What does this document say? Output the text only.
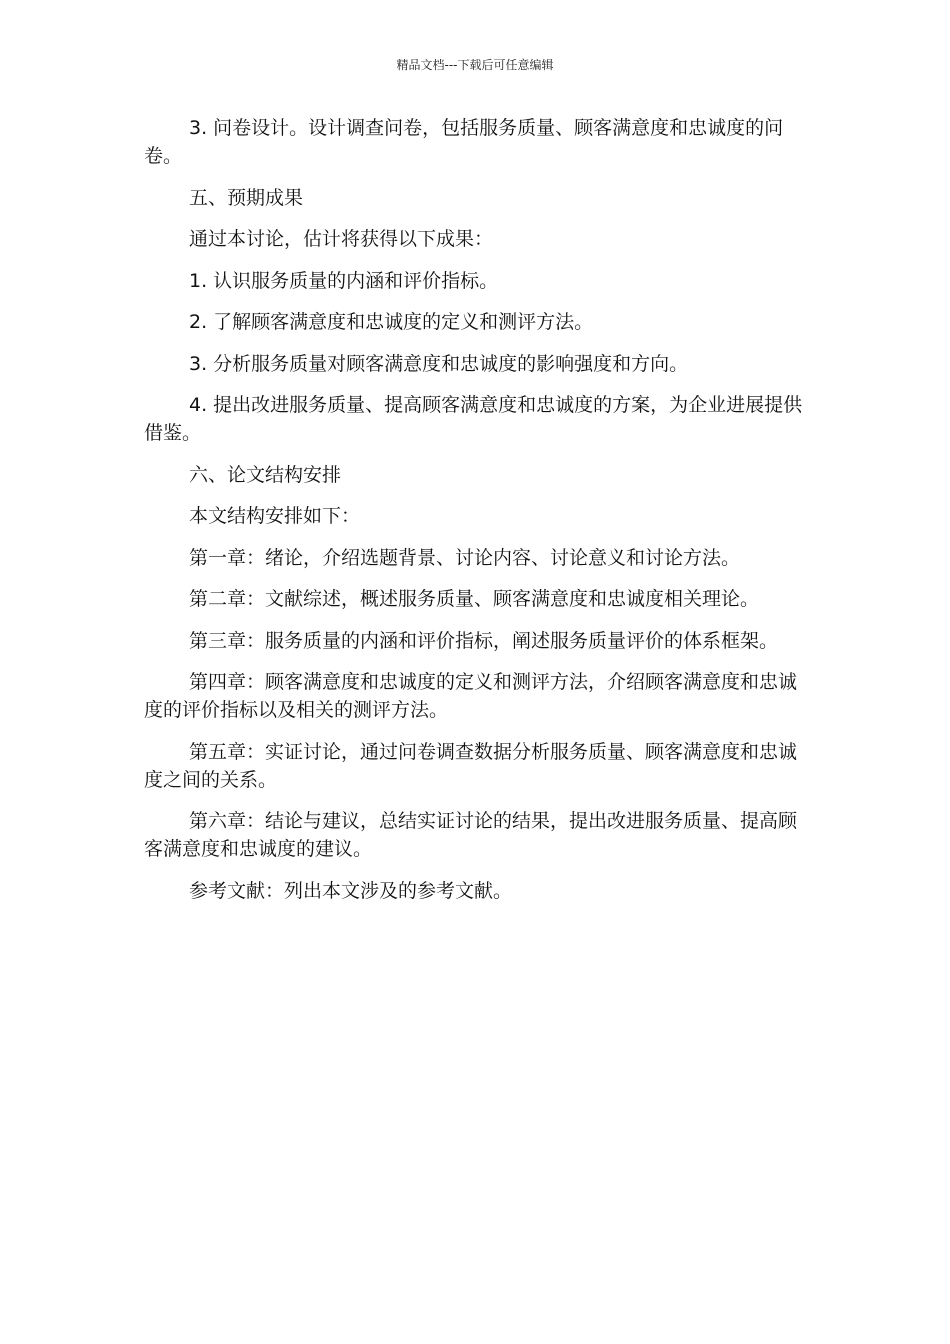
精品文档---下载后可任意编辑

3. 问卷设计。设计调查问卷，包括服务质量、顾客满意度和忠诚度的问卷。

五、预期成果

通过本讨论，估计将获得以下成果：

1. 认识服务质量的内涵和评价指标。

2. 了解顾客满意度和忠诚度的定义和测评方法。

3. 分析服务质量对顾客满意度和忠诚度的影响强度和方向。

4. 提出改进服务质量、提高顾客满意度和忠诚度的方案，为企业进展提供借鉴。

六、论文结构安排

本文结构安排如下：

第一章：绪论，介绍选题背景、讨论内容、讨论意义和讨论方法。

第二章：文献综述，概述服务质量、顾客满意度和忠诚度相关理论。

第三章：服务质量的内涵和评价指标，阐述服务质量评价的体系框架。

第四章：顾客满意度和忠诚度的定义和测评方法，介绍顾客满意度和忠诚度的评价指标以及相关的测评方法。

第五章：实证讨论，通过问卷调查数据分析服务质量、顾客满意度和忠诚度之间的关系。

第六章：结论与建议，总结实证讨论的结果，提出改进服务质量、提高顾客满意度和忠诚度的建议。

参考文献：列出本文涉及的参考文献。
